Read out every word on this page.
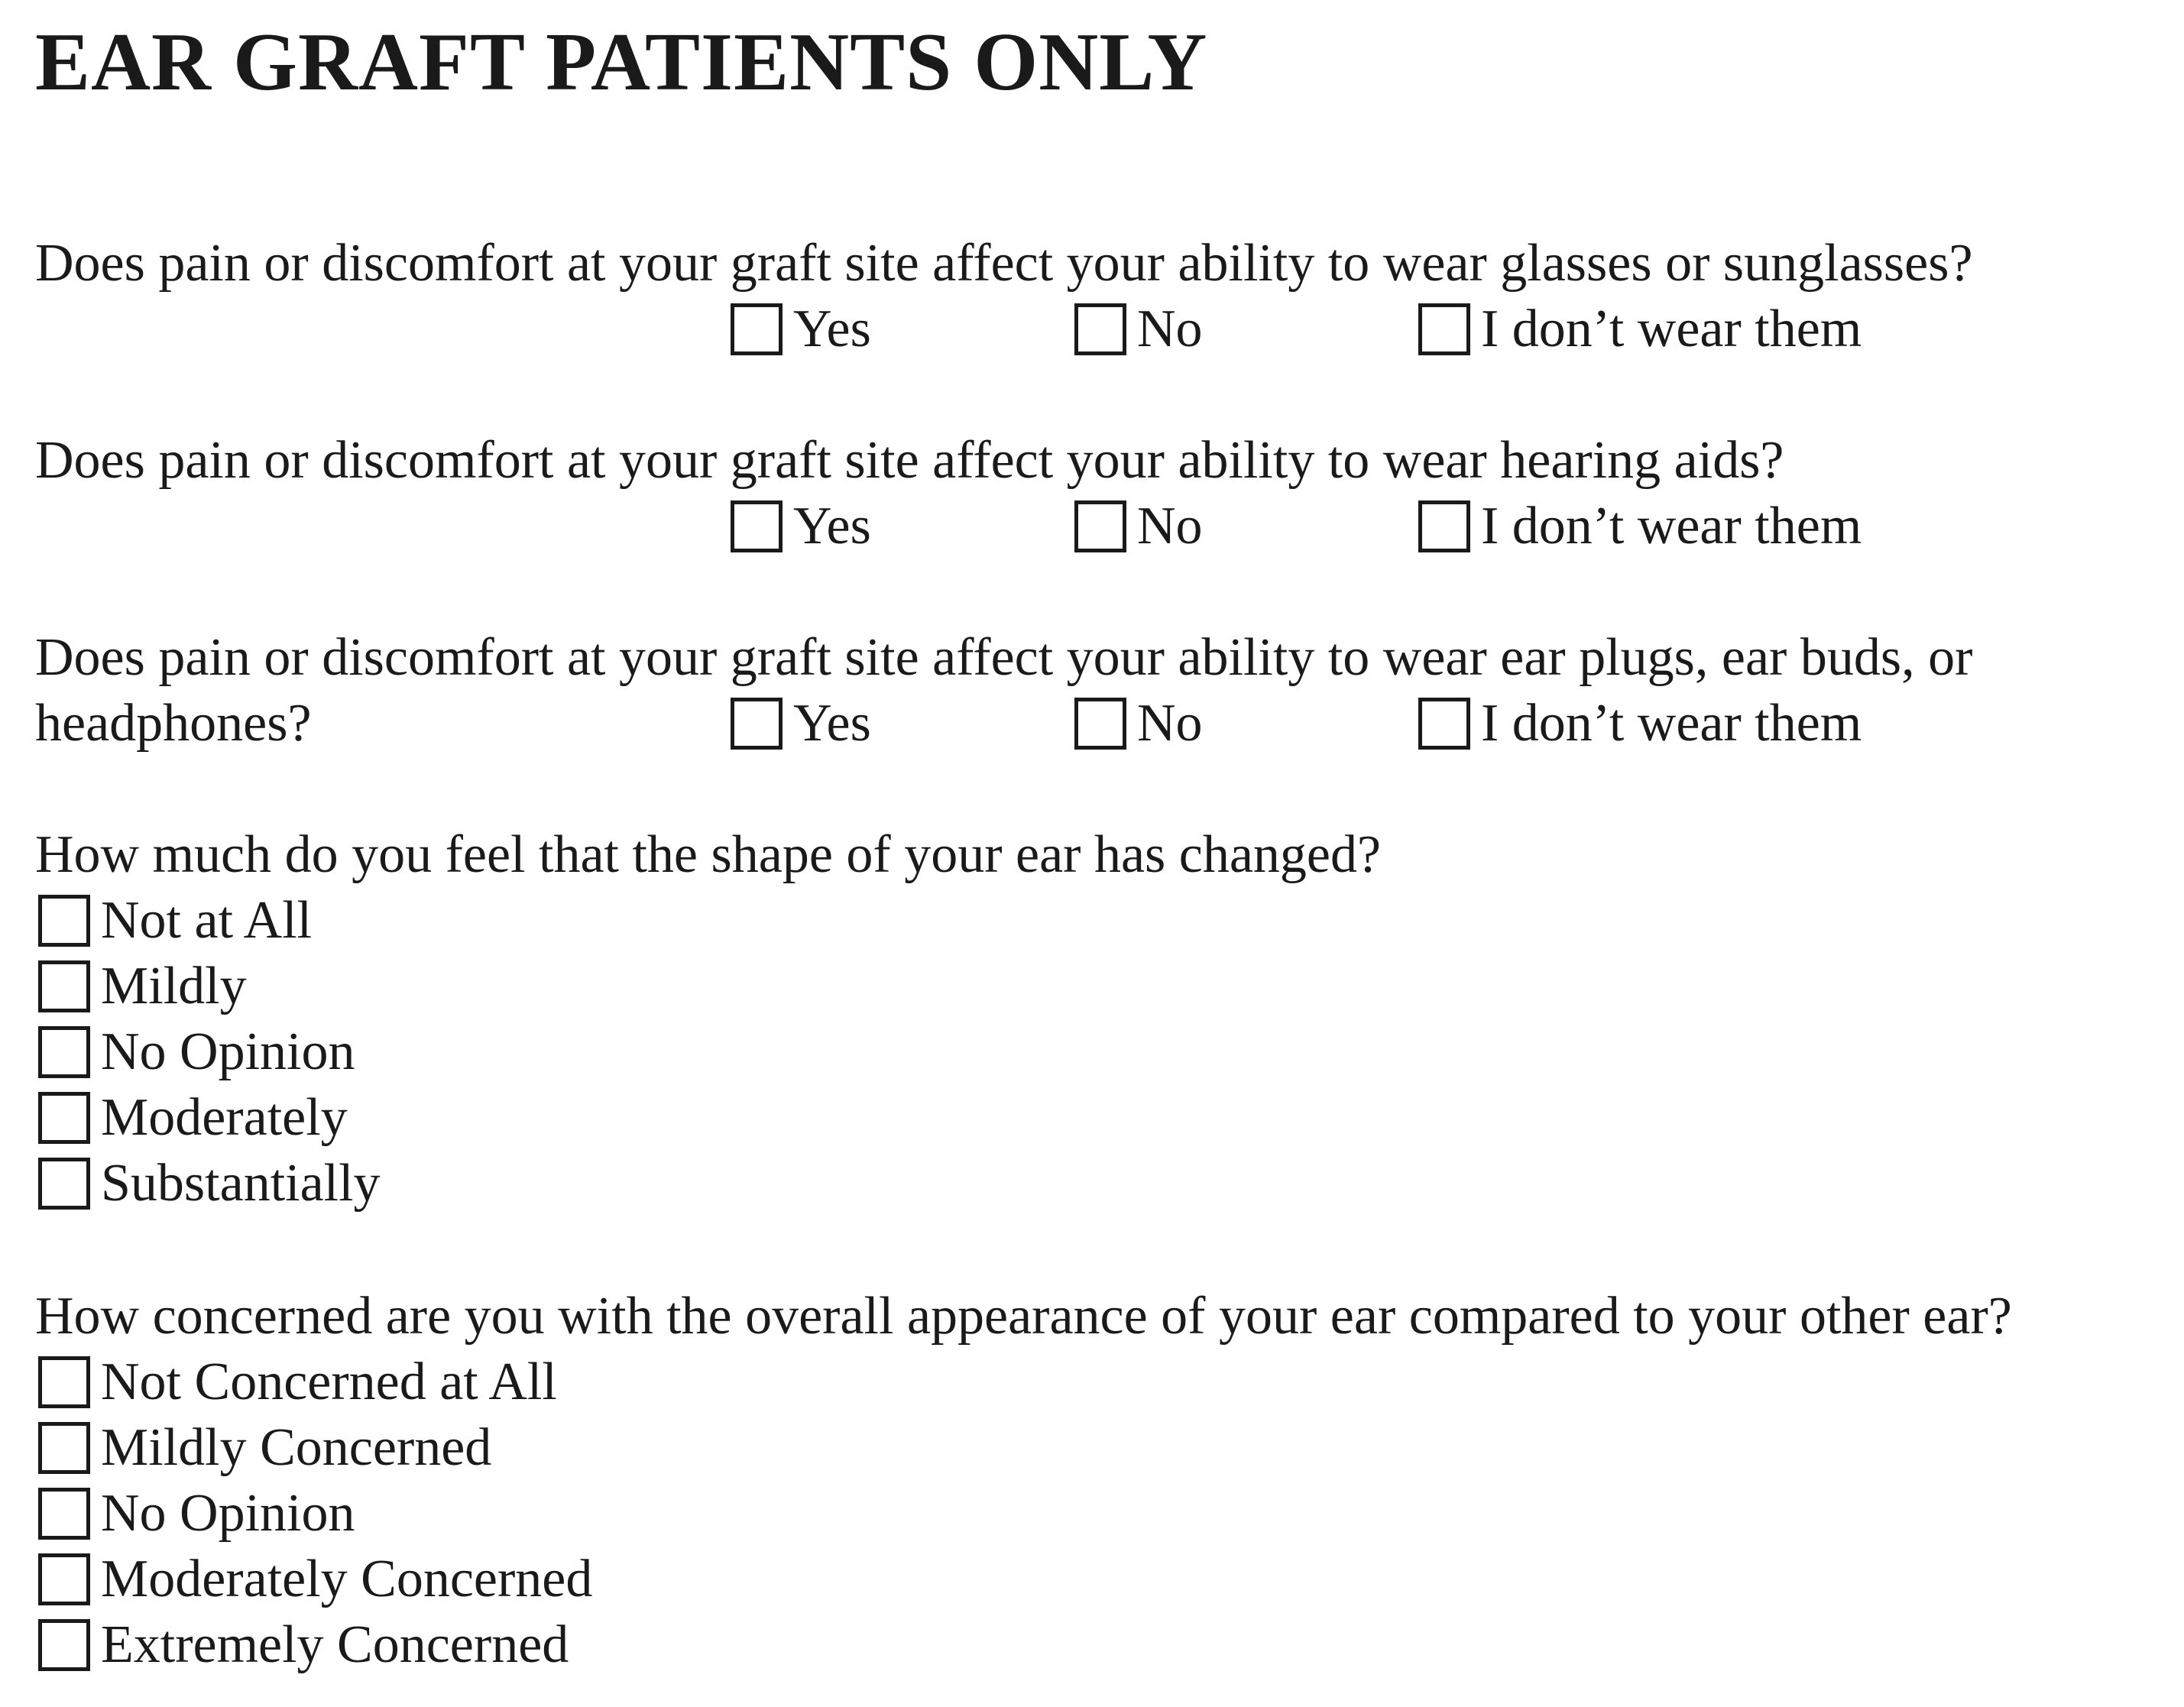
EAR GRAFT PATIENTS ONLY
Does pain or discomfort at your graft site affect your ability to wear glasses or sunglasses?
Yes	No	I don’t wear them
Does pain or discomfort at your graft site affect your ability to wear hearing aids?
Yes	No	I don’t wear them
Does pain or discomfort at your graft site affect your ability to wear ear plugs, ear buds, or
headphones?	Yes	No	I don’t wear them
How much do you feel that the shape of your ear has changed?
Not at All
Mildly
No Opinion
Moderately
Substantially
How concerned are you with the overall appearance of your ear compared to your other ear?
Not Concerned at All
Mildly Concerned
No Opinion
Moderately Concerned
Extremely Concerned
